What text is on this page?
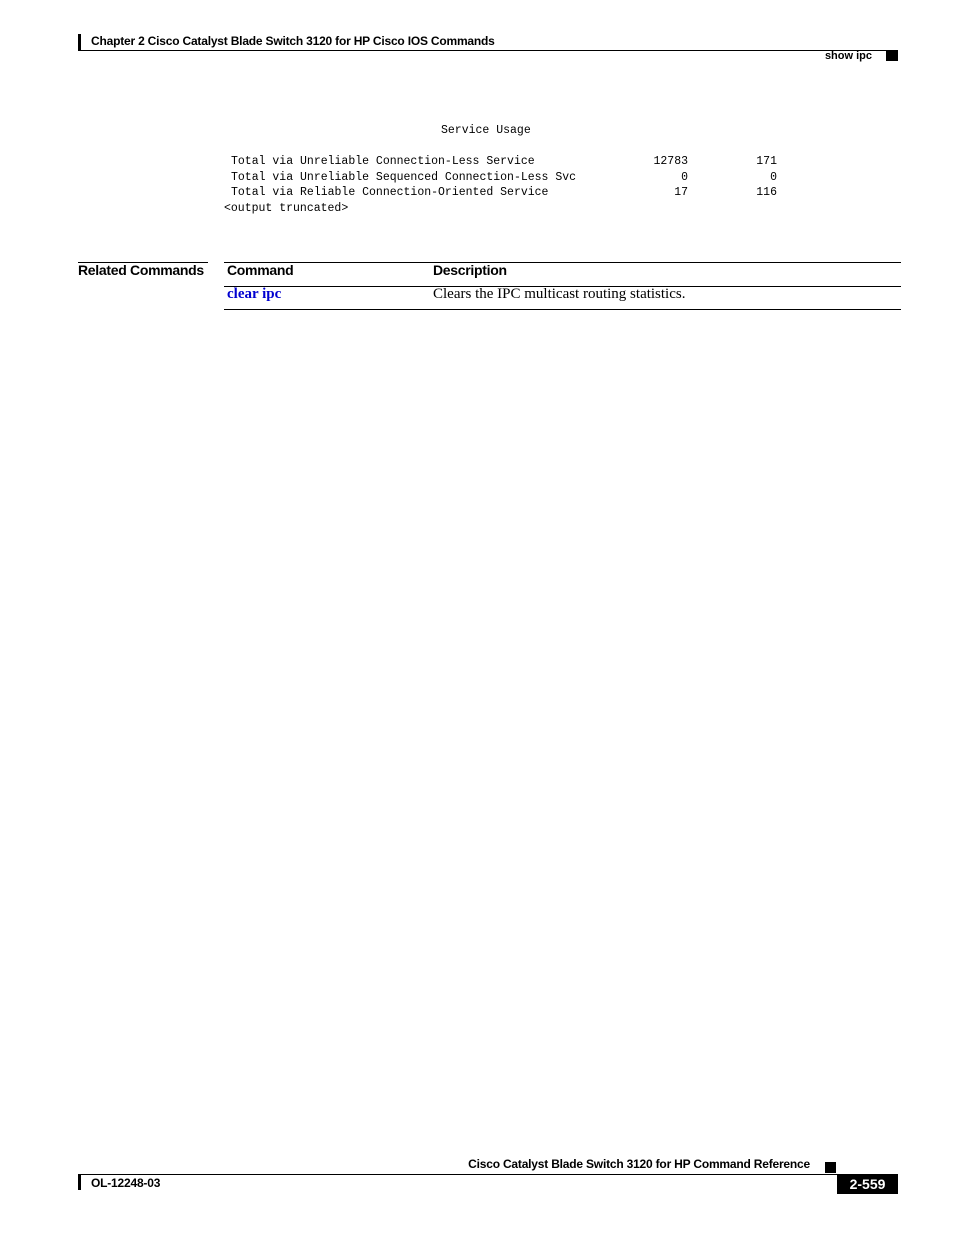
Chapter 2 Cisco Catalyst Blade Switch 3120 for HP Cisco IOS Commands
show ipc
Service Usage
Total via Unreliable Connection-Less Service	12783	171
Total via Unreliable Sequenced Connection-Less Svc	0	0
Total via Reliable Connection-Oriented Service	17	116
<output truncated>
Related Commands Command	Description
clear ipc	Clears the IPC multicast routing statistics.
Cisco Catalyst Blade Switch 3120 for HP Command Reference
OL-12248-03	2-559
